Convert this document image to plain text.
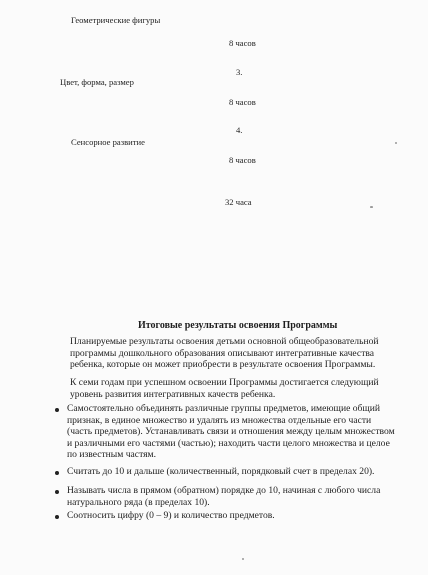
Геометрические фигуры
8 часов
3.
Цвет, форма, размер
8 часов
4.
Сенсорное развитие
8 часов
32 часа
Итоговые результаты освоения Программы
Планируемые результаты освоения детьми основной общеобразовательной
программы дошкольного образования описывают интегративные качества
ребенка, которые он может приобрести в результате освоения Программы.
К семи годам при успешном освоении Программы достигается следующий
уровень развития интегративных качеств ребенка.
Самостоятельно объединять различные группы предметов, имеющие общий
признак, в единое множество и удалять из множества отдельные его части
(часть предметов). Устанавливать связи и отношения между целым множеством
и различными его частями (частью); находить части целого множества и целое
по известным частям.
Считать до 10 и дальше (количественный, порядковый счет в пределах 20).
Называть числа в прямом (обратном) порядке до 10, начиная с любого числа
натурального ряда (в пределах 10).
Соотносить цифру (0 – 9) и количество предметов.
